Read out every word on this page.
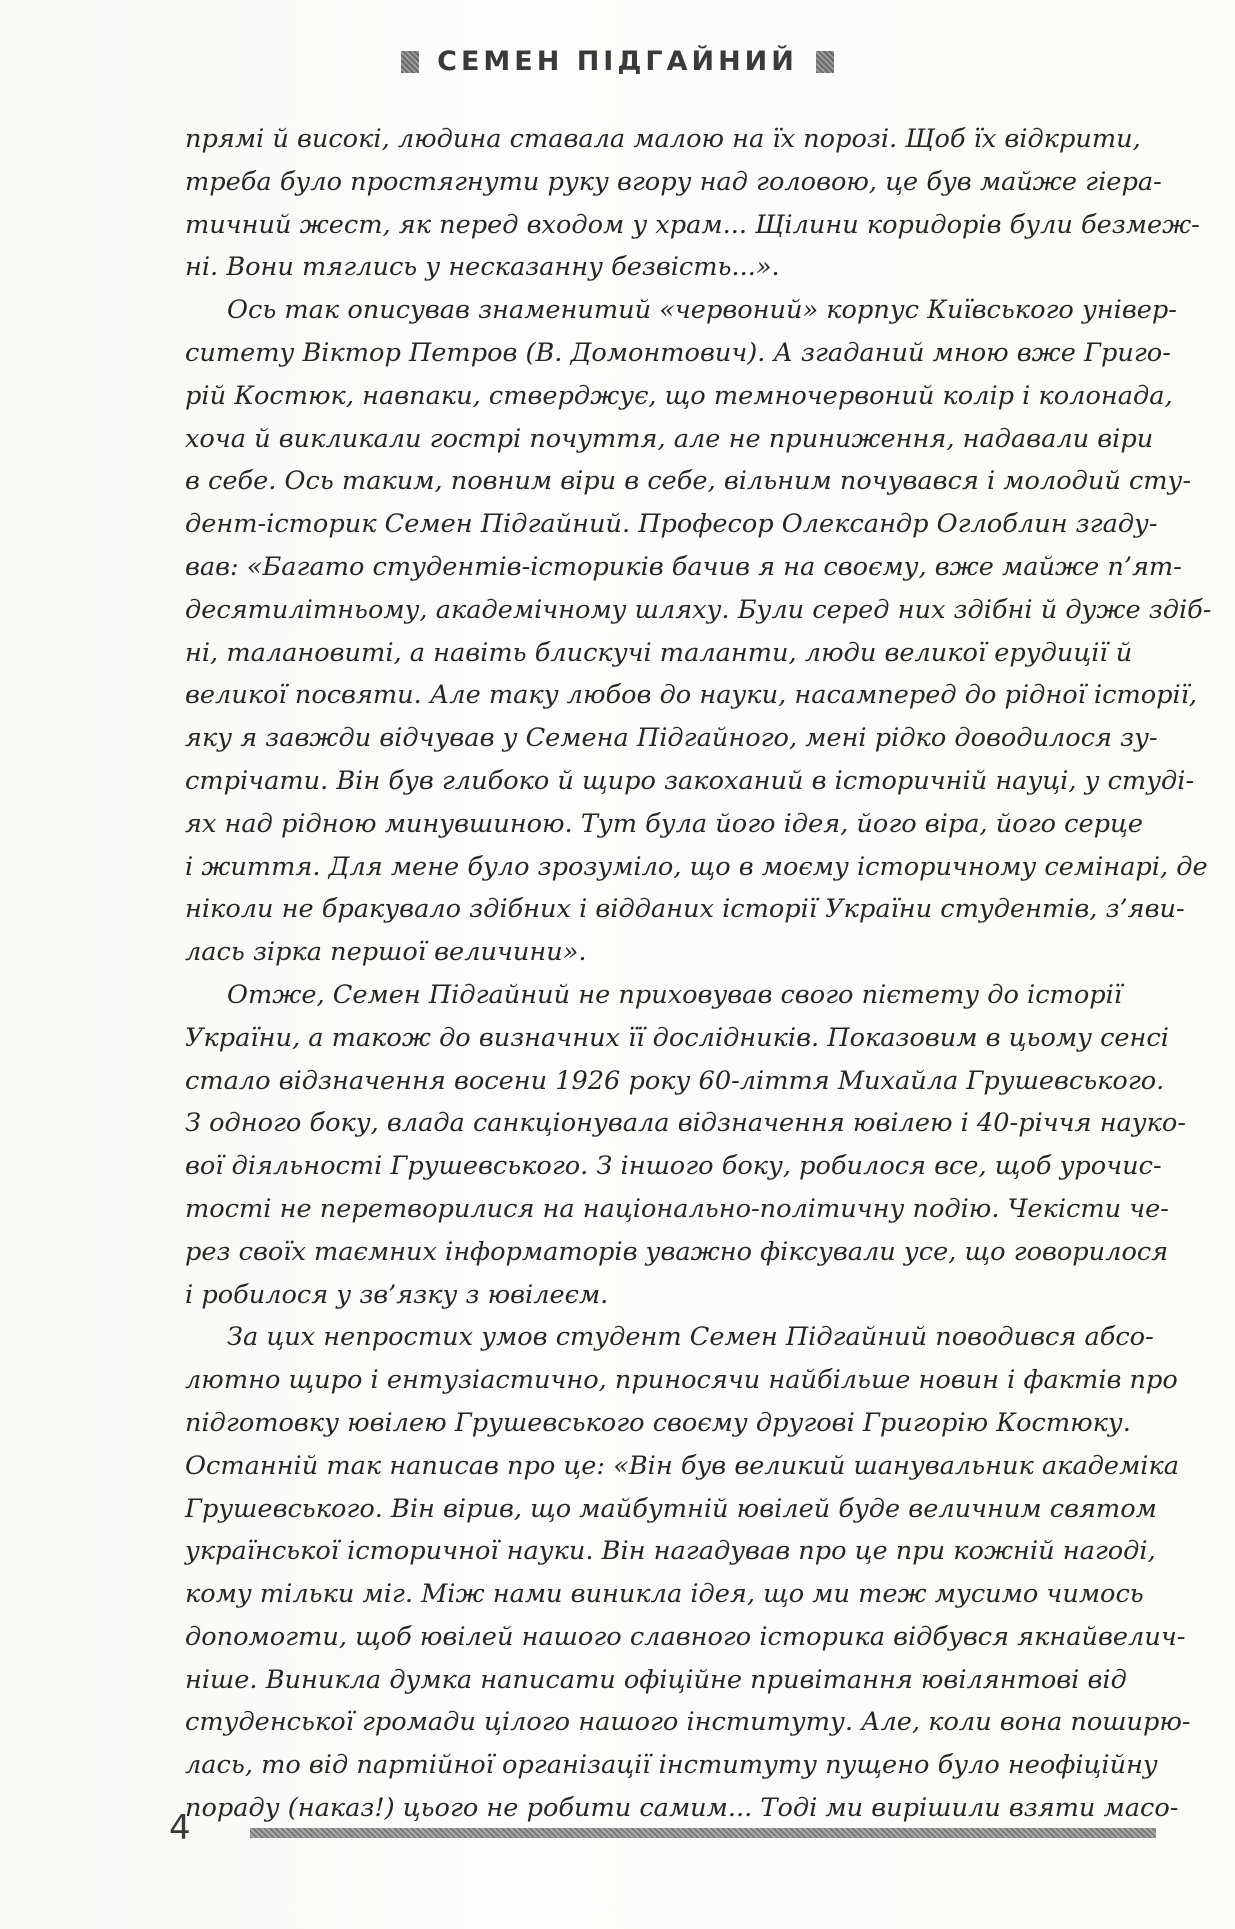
СЕМЕН ПІДГАЙНИЙ
прямі й високі, людина ставала малою на їх порозі. Щоб їх відкрити,
треба було простягнути руку вгору над головою, це був майже гіера-
тичний жест, як перед входом у храм... Щілини коридорів були безмеж-
ні. Вони тяглись у несказанну безвість...».
Ось так описував знаменитий «червоний» корпус Київського універ-
ситету Віктор Петров (В. Домонтович). А згаданий мною вже Григо-
рій Костюк, навпаки, стверджує, що темночервоний колір і колонада,
хоча й викликали гострі почуття, але не приниження, надавали віри
в себе. Ось таким, повним віри в себе, вільним почувався і молодий сту-
дент-історик Семен Підгайний. Професор Олександр Оглоблин згаду-
вав: «Багато студентів-істориків бачив я на своєму, вже майже п’ят-
десятилітньому, академічному шляху. Були серед них здібні й дуже здіб-
ні, талановиті, а навіть блискучі таланти, люди великої ерудиції й
великої посвяти. Але таку любов до науки, насамперед до рідної історії,
яку я завжди відчував у Семена Підгайного, мені рідко доводилося зу-
стрічати. Він був глибоко й щиро закоханий в історичній науці, у студі-
ях над рідною минувшиною. Тут була його ідея, його віра, його серце
і життя. Для мене було зрозуміло, що в моєму історичному семінарі, де
ніколи не бракувало здібних і відданих історії України студентів, з’яви-
лась зірка першої величини».
Отже, Семен Підгайний не приховував свого пієтету до історії
України, а також до визначних її дослідників. Показовим в цьому сенсі
стало відзначення восени 1926 року 60-ліття Михайла Грушевського.
З одного боку, влада санкціонувала відзначення ювілею і 40-річчя науко-
вої діяльності Грушевського. З іншого боку, робилося все, щоб урочис-
тості не перетворилися на національно-політичну подію. Чекісти че-
рез своїх таємних інформаторів уважно фіксували усе, що говорилося
і робилося у зв’язку з ювілеєм.
За цих непростих умов студент Семен Підгайний поводився абсо-
лютно щиро і ентузіастично, приносячи найбільше новин і фактів про
підготовку ювілею Грушевського своєму другові Григорію Костюку.
Останній так написав про це: «Він був великий шанувальник академіка
Грушевського. Він вірив, що майбутній ювілей буде величним святом
української історичної науки. Він нагадував про це при кожній нагоді,
кому тільки міг. Між нами виникла ідея, що ми теж мусимо чимось
допомогти, щоб ювілей нашого славного історика відбувся якнайвелич-
ніше. Виникла думка написати офіційне привітання ювілянтові від
студенської громади цілого нашого інституту. Але, коли вона поширю-
лась, то від партійної організації інституту пущено було неофіційну
пораду (наказ!) цього не робити самим... Тоді ми вирішили взяти масо-
4
